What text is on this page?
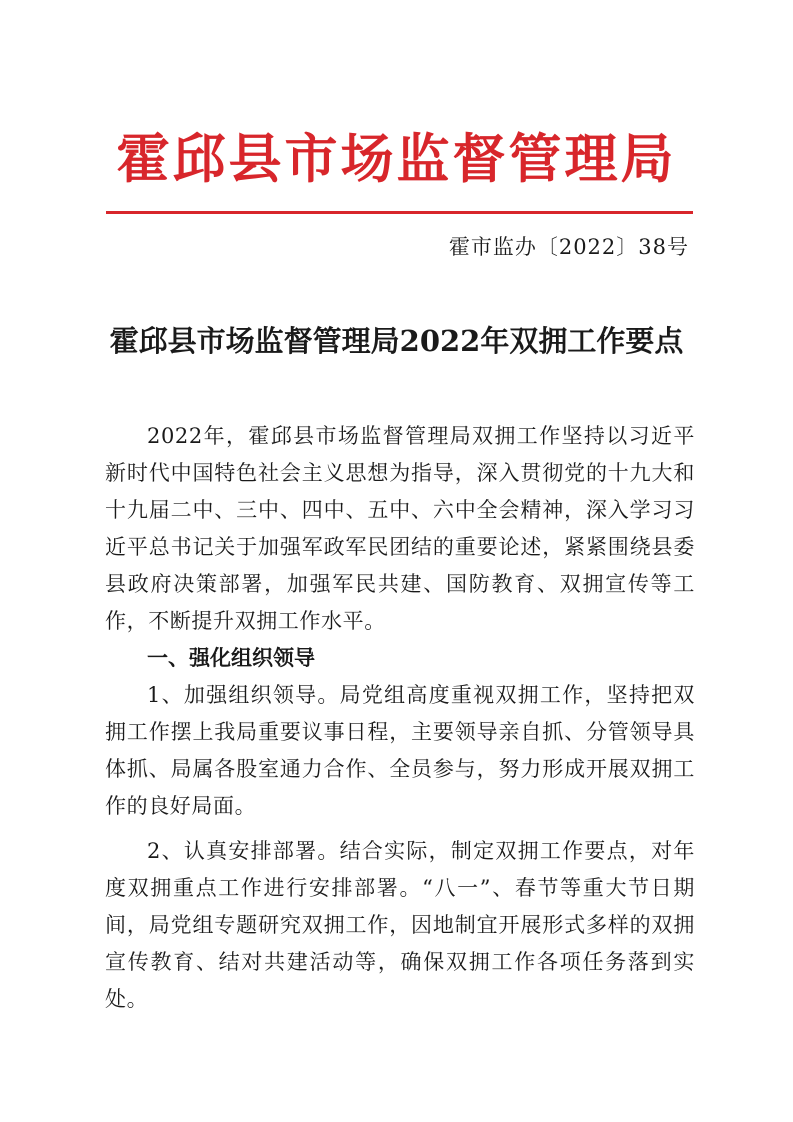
霍邱县市场监督管理局
霍市监办〔2022〕38号
霍邱县市场监督管理局2022年双拥工作要点

2022年，霍邱县市场监督管理局双拥工作坚持以习近平新时代中国特色社会主义思想为指导，深入贯彻党的十九大和十九届二中、三中、四中、五中、六中全会精神，深入学习习近平总书记关于加强军政军民团结的重要论述，紧紧围绕县委县政府决策部署，加强军民共建、国防教育、双拥宣传等工作，不断提升双拥工作水平。

一、强化组织领导

1、加强组织领导。局党组高度重视双拥工作，坚持把双拥工作摆上我局重要议事日程，主要领导亲自抓、分管领导具体抓、局属各股室通力合作、全员参与，努力形成开展双拥工作的良好局面。

2、认真安排部署。结合实际，制定双拥工作要点，对年度双拥重点工作进行安排部署。“八一”、春节等重大节日期间，局党组专题研究双拥工作，因地制宜开展形式多样的双拥宣传教育、结对共建活动等，确保双拥工作各项任务落到实处。
